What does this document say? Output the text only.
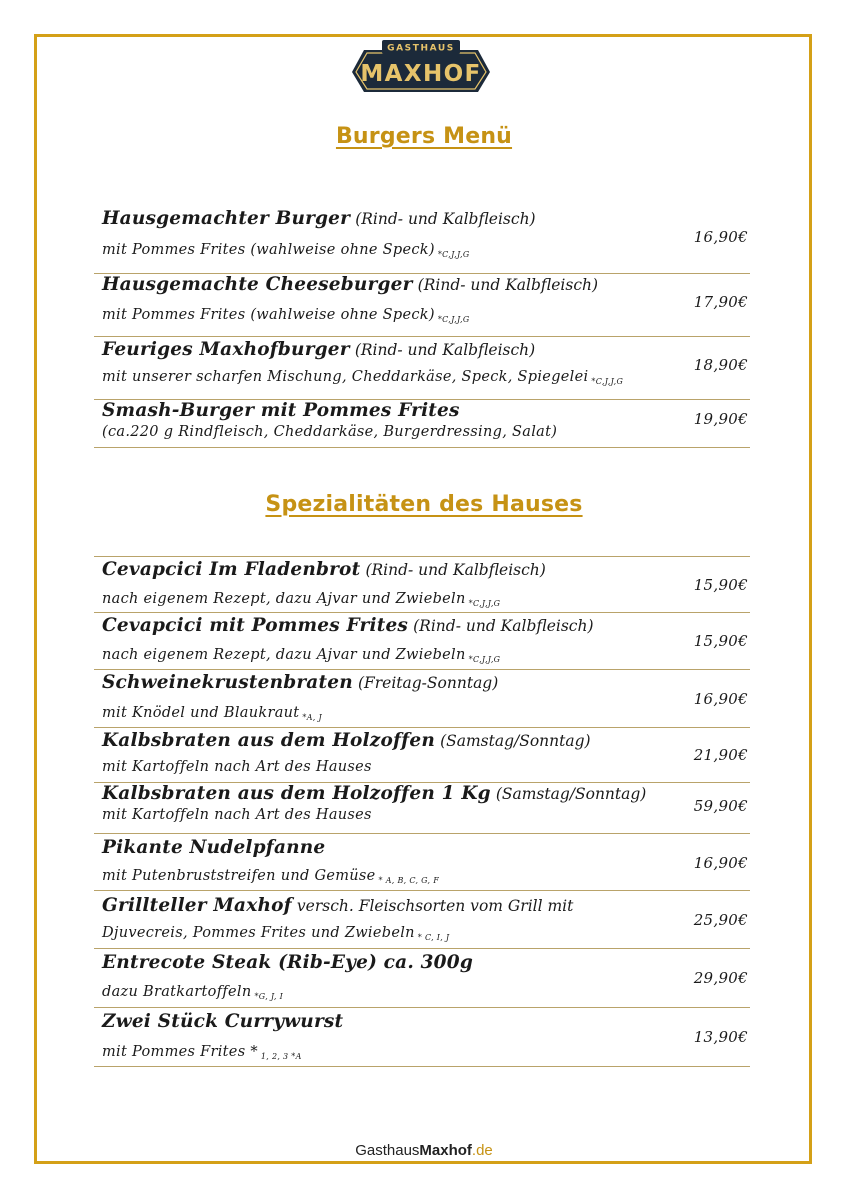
GASTHAUS
MAXHOF
Burgers Menü
Hausgemachter Burger (Rind- und Kalbfleisch)
mit Pommes Frites (wahlweise ohne Speck) $_{*C,J,J,G}$
16,90€
Hausgemachte Cheeseburger (Rind- und Kalbfleisch)
mit Pommes Frites (wahlweise ohne Speck) $_{*C,J,J,G}$
17,90€
Feuriges Maxhofburger (Rind- und Kalbfleisch)
mit unserer scharfen Mischung, Cheddarkäse, Speck, Spiegelei $_{*C,J,J,G}$
18,90€
Smash-Burger mit Pommes Frites
(ca.220 g Rindfleisch, Cheddarkäse, Burgerdressing, Salat)
19,90€
Spezialitäten des Hauses
Cevapcici Im Fladenbrot (Rind- und Kalbfleisch)
nach eigenem Rezept, dazu Ajvar und Zwiebeln $_{*C,J,J,G}$
15,90€
Cevapcici mit Pommes Frites (Rind- und Kalbfleisch)
nach eigenem Rezept, dazu Ajvar und Zwiebeln $_{*C,J,J,G}$
15,90€
Schweinekrustenbraten (Freitag-Sonntag)
mit Knödel und Blaukraut $_{*A, J}$
16,90€
Kalbsbraten aus dem Holzoffen (Samstag/Sonntag)
mit Kartoffeln nach Art des Hauses
21,90€
Kalbsbraten aus dem Holzoffen 1 Kg (Samstag/Sonntag)
mit Kartoffeln nach Art des Hauses	59,90€
Pikante Nudelpfanne
mit Putenbruststreifen und Gemüse $_{* A, B, C, G, F}$
16,90€
Grillteller Maxhof versch. Fleischsorten vom Grill mit
Djuvecreis, Pommes Frites und Zwiebeln $_{* C, I, J}$
25,90€
Entrecote Steak (Rib-Eye) ca. 300g
dazu Bratkartoffeln $_{*G, J, I}$
29,90€
Zwei Stück Currywurst
mit Pommes Frites * $_{1, 2, 3 *A}$
13,90€
GasthausMaxhof.de
